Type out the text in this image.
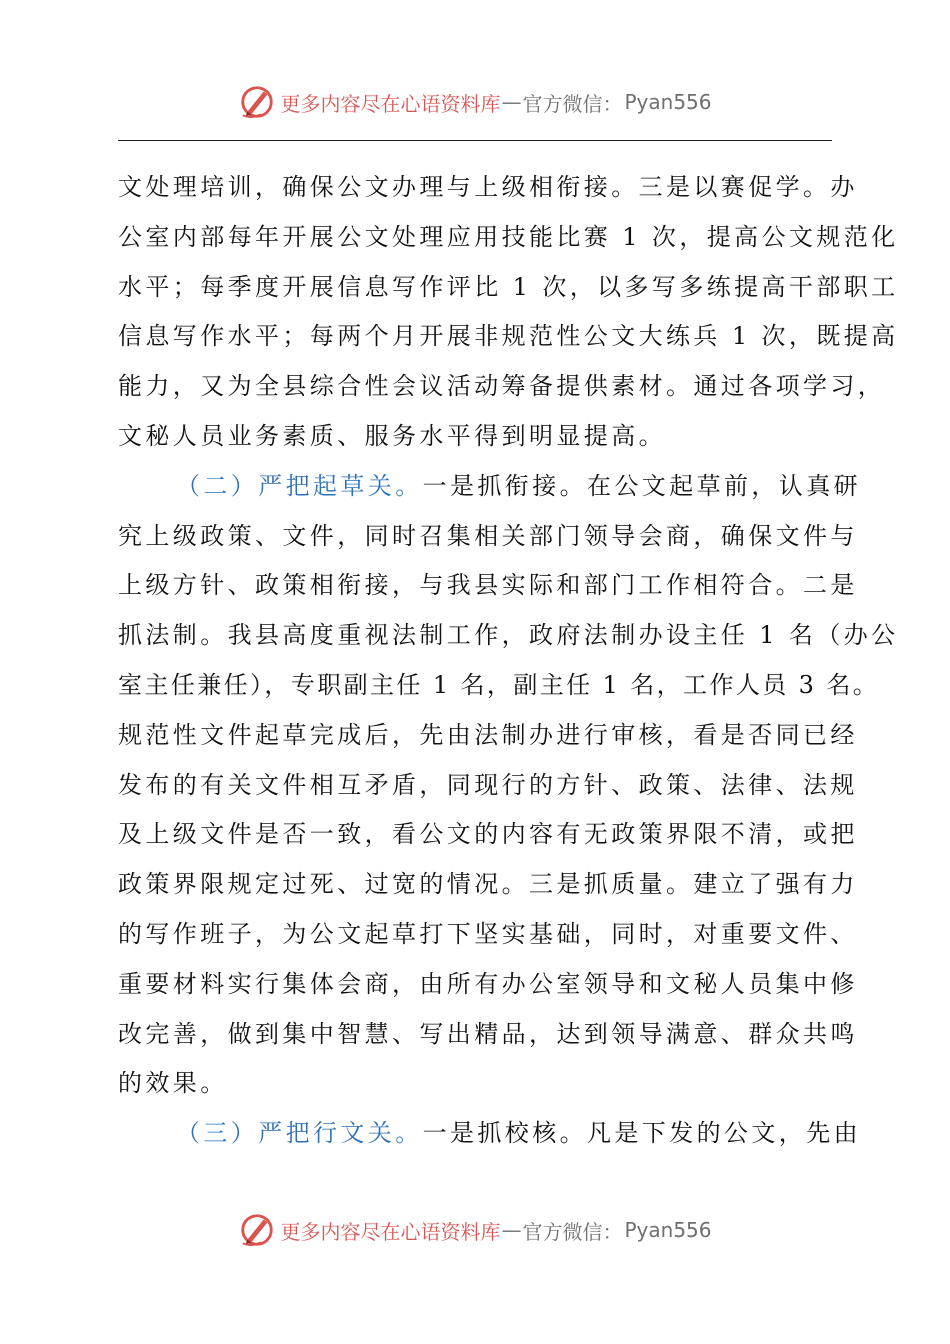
更多内容尽在心语资料库 — 官方微信： Pyan556
文处理培训，确保公文办理与上级相衔接。三是以赛促学。办
公室内部每年开展公文处理应用技能比赛 1 次，提高公文规范化
水平；每季度开展信息写作评比 1 次，以多写多练提高干部职工
信息写作水平；每两个月开展非规范性公文大练兵 1 次，既提高
能力，又为全县综合性会议活动筹备提供素材。通过各项学习，
文秘人员业务素质、服务水平得到明显提高。
（二）严把起草关。一是抓衔接。在公文起草前，认真研
究上级政策、文件，同时召集相关部门领导会商，确保文件与
上级方针、政策相衔接，与我县实际和部门工作相符合。二是
抓法制。我县高度重视法制工作，政府法制办设主任 1 名（办公
室主任兼任），专职副主任 1 名，副主任 1 名，工作人员 3 名。
规范性文件起草完成后，先由法制办进行审核，看是否同已经
发布的有关文件相互矛盾，同现行的方针、政策、法律、法规
及上级文件是否一致，看公文的内容有无政策界限不清，或把
政策界限规定过死、过宽的情况。三是抓质量。建立了强有力
的写作班子，为公文起草打下坚实基础，同时，对重要文件、
重要材料实行集体会商，由所有办公室领导和文秘人员集中修
改完善，做到集中智慧、写出精品，达到领导满意、群众共鸣
的效果。
（三）严把行文关。一是抓校核。凡是下发的公文，先由
更多内容尽在心语资料库 — 官方微信： Pyan556
